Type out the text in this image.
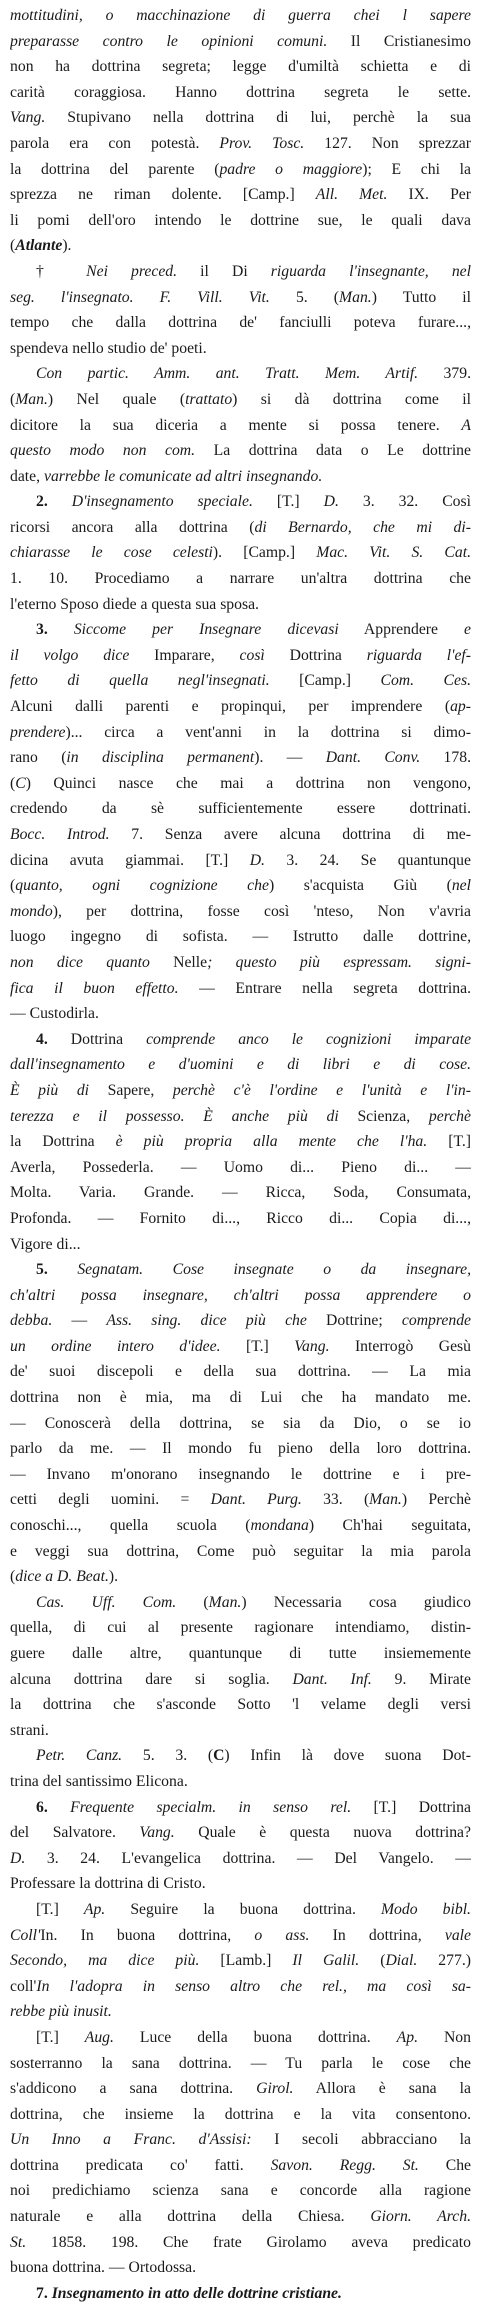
mottitudini, o macchinazione di guerra chei l sapere
preparasse contro le opinioni comuni. Il Cristianesimo
non ha dottrina segreta; legge d'umiltà schietta e di
carità coraggiosa. Hanno dottrina segreta le sette.
Vang. Stupivano nella dottrina di lui, perchè la sua
parola era con potestà. Prov. Tosc. 127. Non sprezzar
la dottrina del parente (padre o maggiore); E chi la
sprezza ne riman dolente. [Camp.] All. Met. IX. Per
li pomi dell'oro intendo le dottrine sue, le quali dava
(Atlante).
† Nei preced. il Di riguarda l'insegnante, nel
seg. l'insegnato. F. Vill. Vit. 5. (Man.) Tutto il
tempo che dalla dottrina de' fanciulli poteva furare...,
spendeva nello studio de' poeti.
Con partic. Amm. ant. Tratt. Mem. Artif. 379.
(Man.) Nel quale (trattato) si dà dottrina come il
dicitore la sua diceria a mente si possa tenere. A
questo modo non com. La dottrina data o Le dottrine
date, varrebbe le comunicate ad altri insegnando.
2. D'insegnamento speciale. [T.] D. 3. 32. Così
ricorsi ancora alla dottrina (di Bernardo, che mi di-
chiarasse le cose celesti). [Camp.] Mac. Vit. S. Cat.
1. 10. Procediamo a narrare un'altra dottrina che
l'eterno Sposo diede a questa sua sposa.
3. Siccome per Insegnare dicevasi Apprendere e
il volgo dice Imparare, così Dottrina riguarda l'ef-
fetto di quella negl'insegnati. [Camp.] Com. Ces.
Alcuni dalli parenti e propinqui, per imprendere (ap-
prendere)... circa a vent'anni in la dottrina si dimo-
rano (in disciplina permanent). — Dant. Conv. 178.
(C) Quinci nasce che mai a dottrina non vengono,
credendo da sè sufficientemente essere dottrinati.
Bocc. Introd. 7. Senza avere alcuna dottrina di me-
dicina avuta giammai. [T.] D. 3. 24. Se quantunque
(quanto, ogni cognizione che) s'acquista Giù (nel
mondo), per dottrina, fosse così 'nteso, Non v'avria
luogo ingegno di sofista. — Istrutto dalle dottrine,
non dice quanto Nelle; questo più espressam. signi-
fica il buon effetto. — Entrare nella segreta dottrina.
— Custodirla.
4. Dottrina comprende anco le cognizioni imparate
dall'insegnamento e d'uomini e di libri e di cose.
È più di Sapere, perchè c'è l'ordine e l'unità e l'in-
terezza e il possesso. È anche più di Scienza, perchè
la Dottrina è più propria alla mente che l'ha. [T.]
Averla, Possederla. — Uomo di... Pieno di... —
Molta. Varia. Grande. — Ricca, Soda, Consumata,
Profonda. — Fornito di..., Ricco di... Copia di...,
Vigore di...
5. Segnatam. Cose insegnate o da insegnare,
ch'altri possa insegnare, ch'altri possa apprendere o
debba. — Ass. sing. dice più che Dottrine; comprende
un ordine intero d'idee. [T.] Vang. Interrogò Gesù
de' suoi discepoli e della sua dottrina. — La mia
dottrina non è mia, ma di Lui che ha mandato me.
— Conoscerà della dottrina, se sia da Dio, o se io
parlo da me. — Il mondo fu pieno della loro dottrina.
— Invano m'onorano insegnando le dottrine e i pre-
cetti degli uomini. = Dant. Purg. 33. (Man.) Perchè
conoschi..., quella scuola (mondana) Ch'hai seguitata,
e veggi sua dottrina, Come può seguitar la mia parola
(dice a D. Beat.).
Cas. Uff. Com. (Man.) Necessaria cosa giudico
quella, di cui al presente ragionare intendiamo, distin-
guere dalle altre, quantunque di tutte insiememente
alcuna dottrina dare si soglia. Dant. Inf. 9. Mirate
la dottrina che s'asconde Sotto 'l velame degli versi
strani.
Petr. Canz. 5. 3. (C) Infin là dove suona Dot-
trina del santissimo Elicona.
6. Frequente specialm. in senso rel. [T.] Dottrina
del Salvatore. Vang. Quale è questa nuova dottrina?
D. 3. 24. L'evangelica dottrina. — Del Vangelo. —
Professare la dottrina di Cristo.
[T.] Ap. Seguire la buona dottrina. Modo bibl.
Coll'In. In buona dottrina, o ass. In dottrina, vale
Secondo, ma dice più. [Lamb.] Il Galil. (Dial. 277.)
coll'In l'adopra in senso altro che rel., ma così sa-
rebbe più inusit.
[T.] Aug. Luce della buona dottrina. Ap. Non
sosterranno la sana dottrina. — Tu parla le cose che
s'addicono a sana dottrina. Girol. Allora è sana la
dottrina, che insieme la dottrina e la vita consentono.
Un Inno a Franc. d'Assisi: I secoli abbracciano la
dottrina predicata co' fatti. Savon. Regg. St. Che
noi predichiamo scienza sana e concorde alla ragione
naturale e alla dottrina della Chiesa. Giorn. Arch.
St. 1858. 198. Che frate Girolamo aveva predicato
buona dottrina. — Ortodossa.
7. Insegnamento in atto delle dottrine cristiane.
